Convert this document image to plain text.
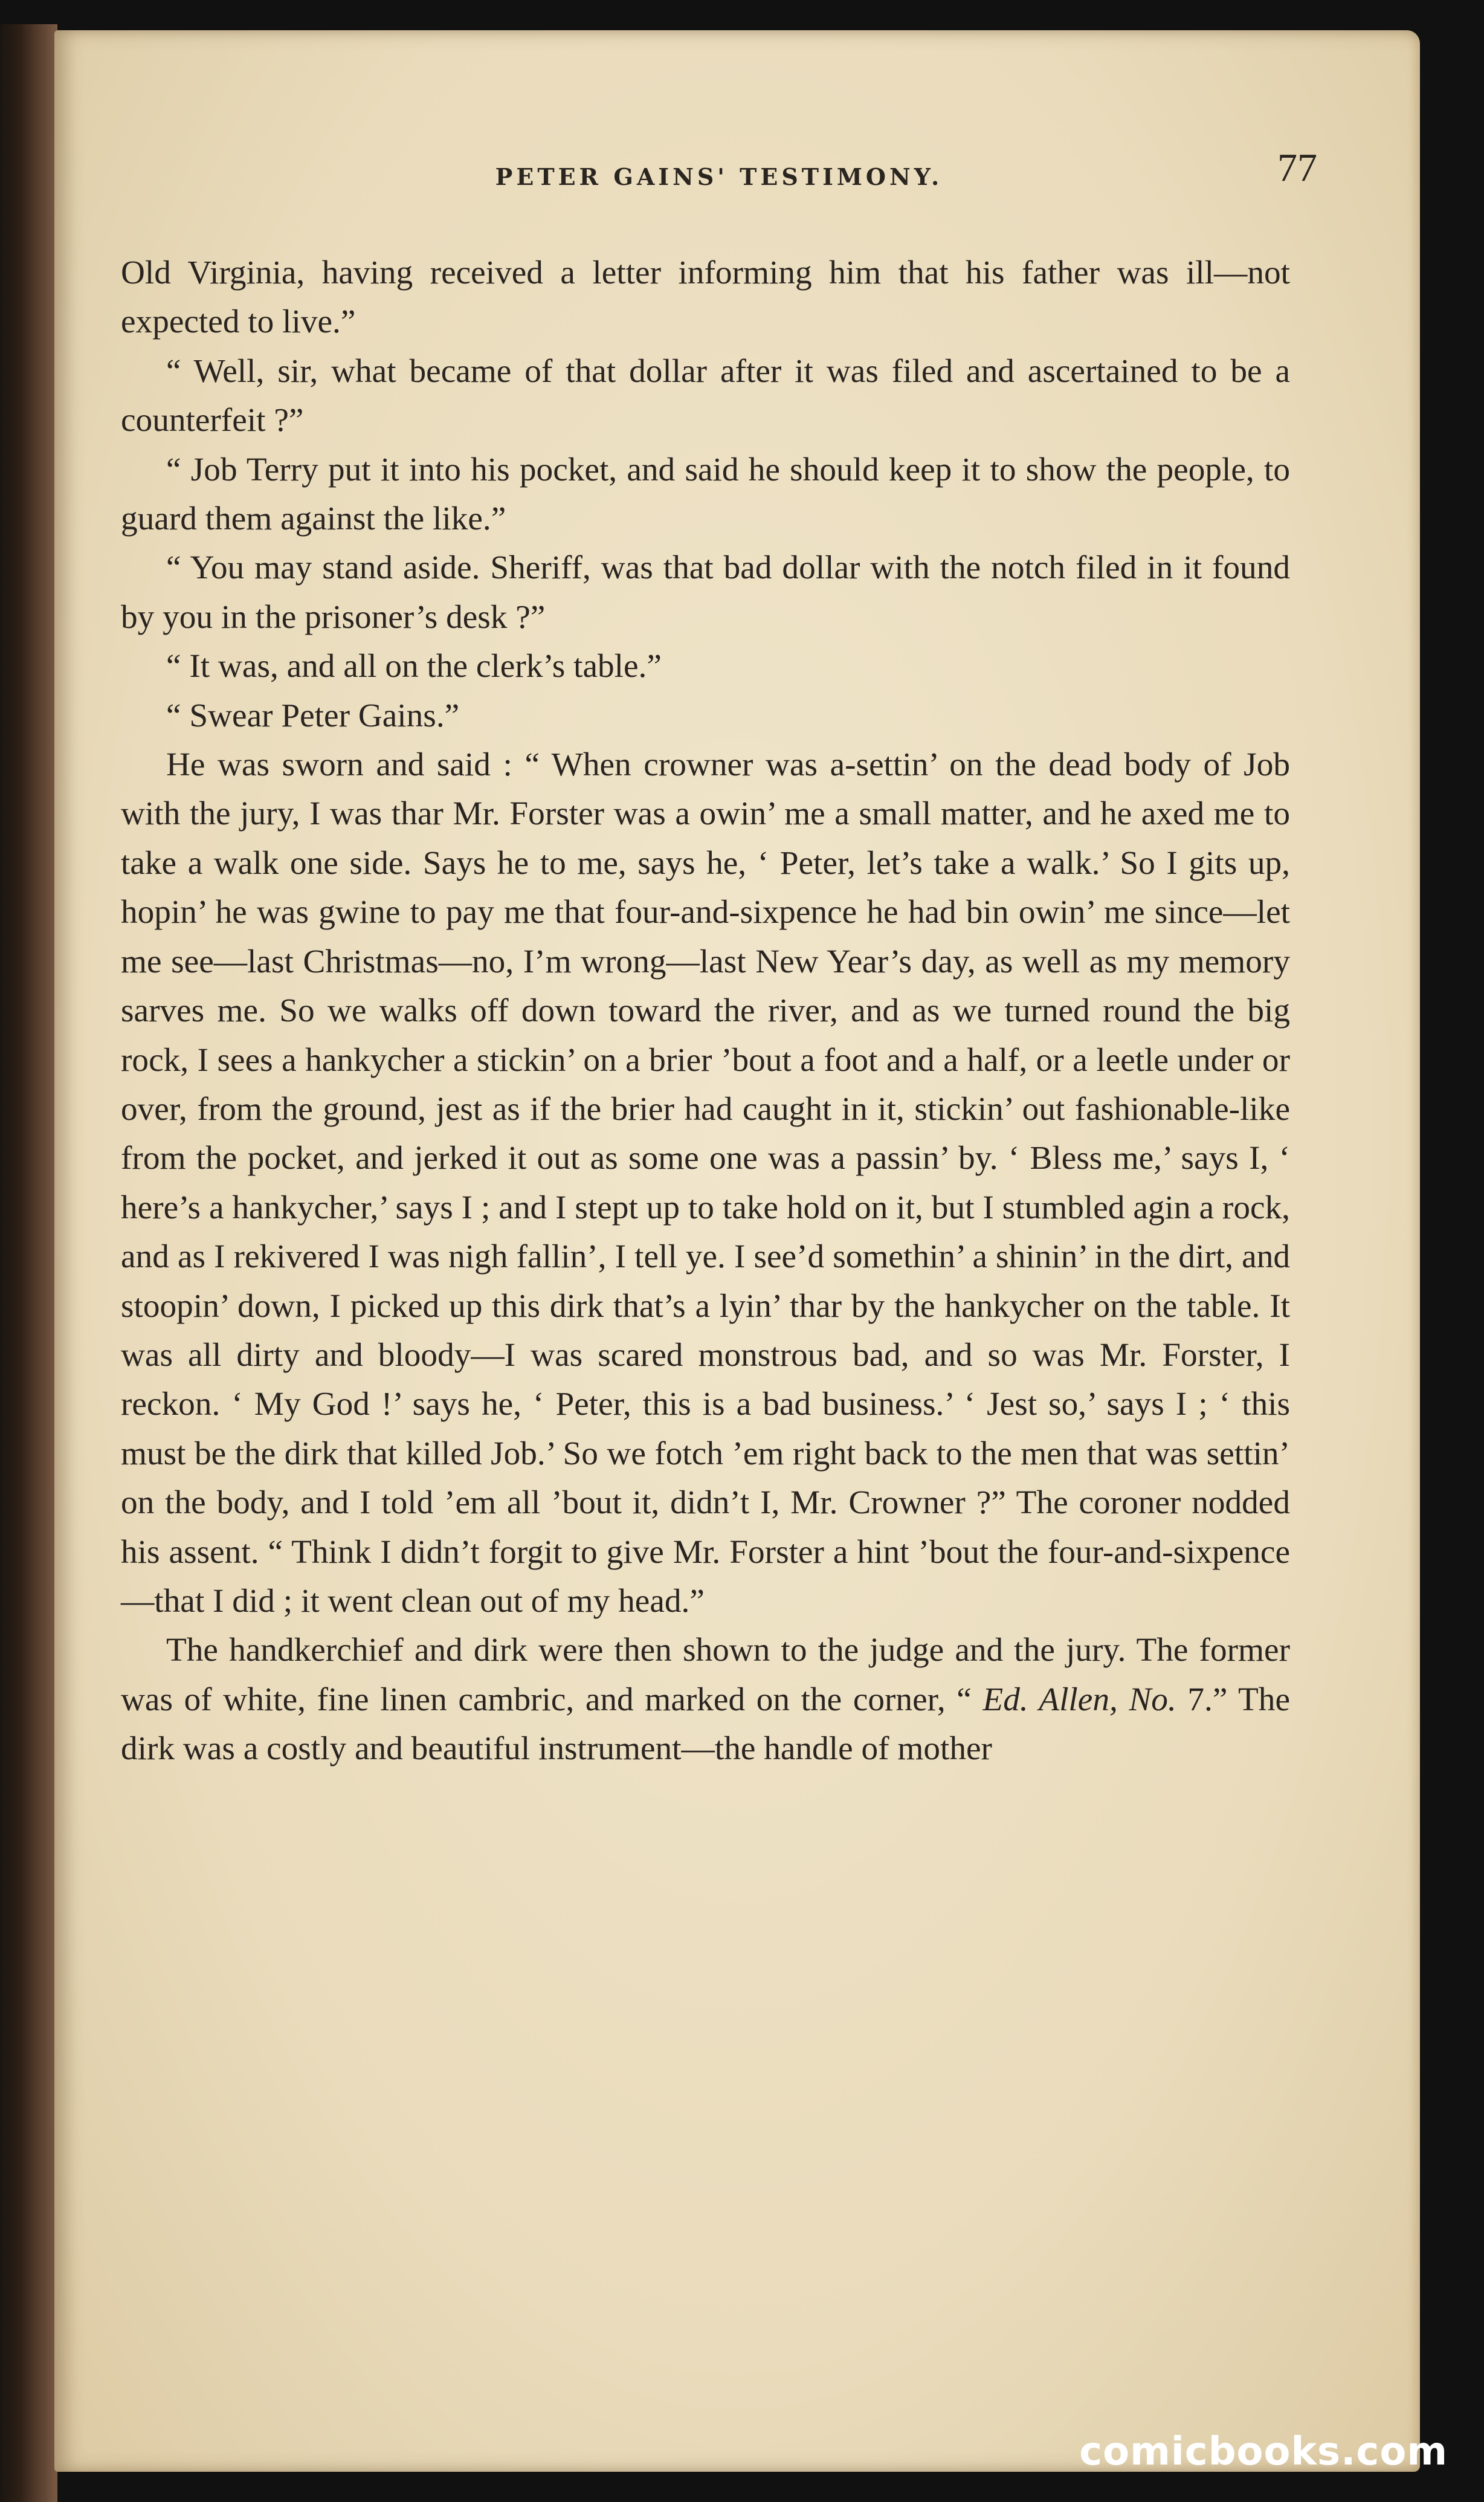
PETER GAINS' TESTIMONY.	77

Old Virginia, having received a letter informing him that his father was ill—not expected to live.”

“ Well, sir, what became of that dollar after it was filed and ascertained to be a counterfeit ?”

“ Job Terry put it into his pocket, and said he should keep it to show the people, to guard them against the like.”

“ You may stand aside. Sheriff, was that bad dollar with the notch filed in it found by you in the prisoner’s desk ?”

“ It was, and all on the clerk’s table.”

“ Swear Peter Gains.”

He was sworn and said : “ When crowner was a-settin’ on the dead body of Job with the jury, I was thar Mr. Forster was a owin’ me a small matter, and he axed me to take a walk one side. Says he to me, says he, ‘ Peter, let’s take a walk.’ So I gits up, hopin’ he was gwine to pay me that four-and-sixpence he had bin owin’ me since—let me see—last Christmas—no, I’m wrong—last New Year’s day, as well as my memory sarves me. So we walks off down toward the river, and as we turned round the big rock, I sees a hankycher a stickin’ on a brier ’bout a foot and a half, or a leetle under or over, from the ground, jest as if the brier had caught in it, stickin’ out fashionable-like from the pocket, and jerked it out as some one was a passin’ by. ‘ Bless me,’ says I, ‘ here’s a hankycher,’ says I ; and I stept up to take hold on it, but I stumbled agin a rock, and as I rekivered I was nigh fallin’, I tell ye. I see’d somethin’ a shinin’ in the dirt, and stoopin’ down, I picked up this dirk that’s a lyin’ thar by the hankycher on the table. It was all dirty and bloody—I was scared monstrous bad, and so was Mr. Forster, I reckon. ‘ My God !’ says he, ‘ Peter, this is a bad business.’ ‘ Jest so,’ says I ; ‘ this must be the dirk that killed Job.’ So we fotch ’em right back to the men that was settin’ on the body, and I told ’em all ’bout it, didn’t I, Mr. Crowner ?” The coroner nodded his assent. “ Think I didn’t forgit to give Mr. Forster a hint ’bout the four-and-sixpence—that I did ; it went clean out of my head.”

The handkerchief and dirk were then shown to the judge and the jury. The former was of white, fine linen cambric, and marked on the corner, “ Ed. Allen, No. 7.” The dirk was a costly and beautiful instrument—the handle of mother

comicbooks.com
